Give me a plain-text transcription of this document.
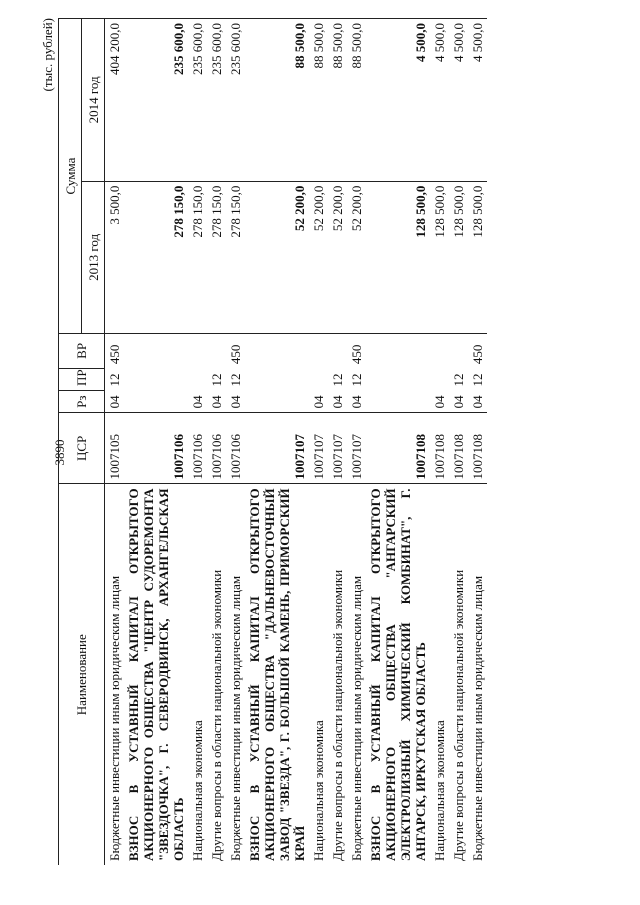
3890
(тыс. рублей)
Наименование	ЦСР	Рз	ПР	ВР	Сумма	
					2013 год	2014 год
Бюджетные инвестиции иным юридическим лицам	1007105	04	12	450	3 500,0	404 200,0
ВЗНОС В УСТАВНЫЙ КАПИТАЛ ОТКРЫТОГО АКЦИОНЕРНОГО ОБЩЕСТВА "ЦЕНТР СУДОРЕМОНТА "ЗВЕЗДОЧКА", Г. СЕВЕРОДВИНСК, АРХАНГЕЛЬСКАЯ ОБЛАСТЬ	1007106				278 150,0	235 600,0
Национальная экономика	1007106	04			278 150,0	235 600,0
Другие вопросы в области национальной экономики	1007106	04	12		278 150,0	235 600,0
Бюджетные инвестиции иным юридическим лицам	1007106	04	12	450	278 150,0	235 600,0
ВЗНОС В УСТАВНЫЙ КАПИТАЛ ОТКРЫТОГО АКЦИОНЕРНОГО ОБЩЕСТВА "ДАЛЬНЕВОСТОЧНЫЙ ЗАВОД "ЗВЕЗДА", Г. БОЛЬШОЙ КАМЕНЬ, ПРИМОРСКИЙ КРАЙ	1007107				52 200,0	88 500,0
Национальная экономика	1007107	04			52 200,0	88 500,0
Другие вопросы в области национальной экономики	1007107	04	12		52 200,0	88 500,0
Бюджетные инвестиции иным юридическим лицам	1007107	04	12	450	52 200,0	88 500,0
ВЗНОС В УСТАВНЫЙ КАПИТАЛ ОТКРЫТОГО АКЦИОНЕРНОГО ОБЩЕСТВА "АНГАРСКИЙ ЭЛЕКТРОЛИЗНЫЙ ХИМИЧЕСКИЙ КОМБИНАТ", Г. АНГАРСК, ИРКУТСКАЯ ОБЛАСТЬ	1007108				128 500,0	4 500,0
Национальная экономика	1007108	04			128 500,0	4 500,0
Другие вопросы в области национальной экономики	1007108	04	12		128 500,0	4 500,0
Бюджетные инвестиции иным юридическим лицам	1007108	04	12	450	128 500,0	4 500,0
